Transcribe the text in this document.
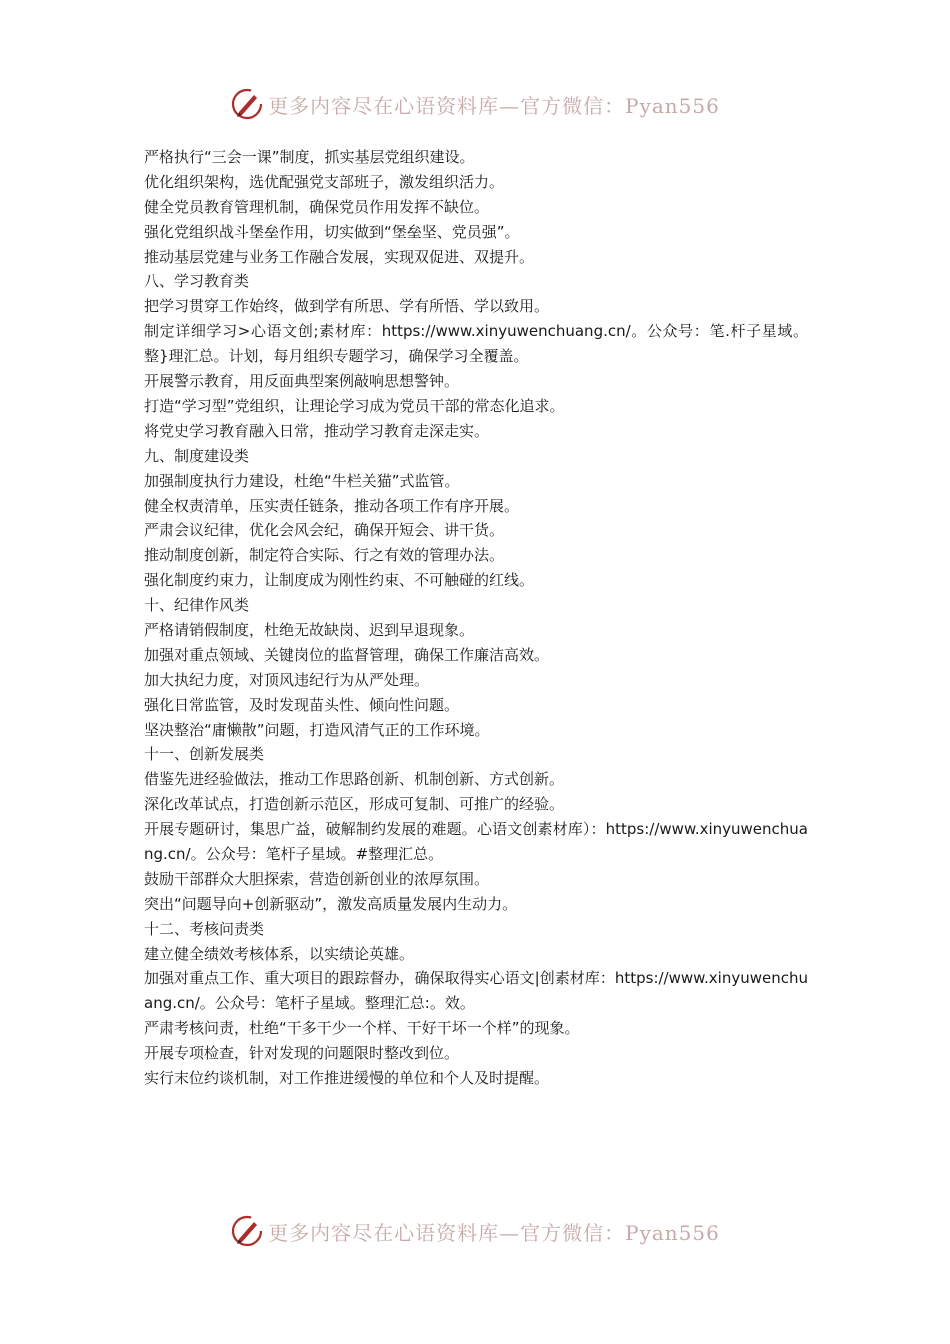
更多内容尽在心语资料库—官方微信：Pyan556
严格执行“三会一课”制度，抓实基层党组织建设。
优化组织架构，选优配强党支部班子，激发组织活力。
健全党员教育管理机制，确保党员作用发挥不缺位。
强化党组织战斗堡垒作用，切实做到“堡垒坚、党员强”。
推动基层党建与业务工作融合发展，实现双促进、双提升。
八、学习教育类
把学习贯穿工作始终，做到学有所思、学有所悟、学以致用。
制定详细学习>心语文创;素材库：https://www.xinyuwenchuang.cn/。公众号：笔.杆子星域。整}理汇总。计划，每月组织专题学习，确保学习全覆盖。
开展警示教育，用反面典型案例敲响思想警钟。
打造“学习型”党组织，让理论学习成为党员干部的常态化追求。
将党史学习教育融入日常，推动学习教育走深走实。
九、制度建设类
加强制度执行力建设，杜绝“牛栏关猫”式监管。
健全权责清单，压实责任链条，推动各项工作有序开展。
严肃会议纪律，优化会风会纪，确保开短会、讲干货。
推动制度创新，制定符合实际、行之有效的管理办法。
强化制度约束力，让制度成为刚性约束、不可触碰的红线。
十、纪律作风类
严格请销假制度，杜绝无故缺岗、迟到早退现象。
加强对重点领域、关键岗位的监督管理，确保工作廉洁高效。
加大执纪力度，对顶风违纪行为从严处理。
强化日常监管，及时发现苗头性、倾向性问题。
坚决整治“庸懒散”问题，打造风清气正的工作环境。
十一、创新发展类
借鉴先进经验做法，推动工作思路创新、机制创新、方式创新。
深化改革试点，打造创新示范区，形成可复制、可推广的经验。
开展专题研讨，集思广益，破解制约发展的难题。心语文创素材库）：https://www.xinyuwenchuang.cn/。公众号：笔杆子星域。#整理汇总。
鼓励干部群众大胆探索，营造创新创业的浓厚氛围。
突出“问题导向+创新驱动”，激发高质量发展内生动力。
十二、考核问责类
建立健全绩效考核体系，以实绩论英雄。
加强对重点工作、重大项目的跟踪督办，确保取得实心语文|创素材库：https://www.xinyuwenchuang.cn/。公众号：笔杆子星域。整理汇总:。效。
严肃考核问责，杜绝“干多干少一个样、干好干坏一个样”的现象。
开展专项检查，针对发现的问题限时整改到位。
实行末位约谈机制，对工作推进缓慢的单位和个人及时提醒。
更多内容尽在心语资料库—官方微信：Pyan556
